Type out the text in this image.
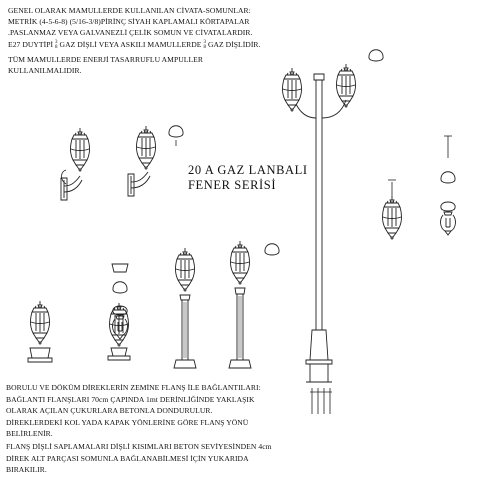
GENEL OLARAK MAMULLERDE KULLANILAN CİVATA-SOMUNLAR:
METRİK (4-5-6-8) (5/16-3/8)PİRİNÇ SİYAH KAPLAMALI KÖRTAPALAR
.PASLANMAZ VEYA GALVANEZLİ ÇELİK SOMUN VE CİVATALARDIR.
E27 DUYTİPİ 3
8 GAZ DİŞLİ VEYA ASKILI MAMULLERDE 3
8 GAZ DİŞLİDİR.
TÜM MAMULLERDE ENERJİ TASARRUFLU AMPULLER
KULLANILMALIDIR.
20 A GAZ LANBALI
FENER SERİSİ
BORULU VE DÖKÜM DİREKLERİN ZEMİNE FLANŞ İLE BAĞLANTILARI:
BAĞLANTI FLANŞLARI 70cm ÇAPINDA 1mt DERİNLİĞİNDE YAKLAŞIK
OLARAK AÇILAN ÇUKURLARA BETONLA DONDURULUR.
DİREKLERDEKİ KOL YADA KAPAK YÖNLERİNE GÖRE FLANŞ YÖNÜ
BELİRLENİR.
FLANŞ DİŞLİ SAPLAMALARI DİŞLİ KISIMLARI BETON SEVİYESİNDEN 4cm
DİREK ALT PARÇASI SOMUNLA BAĞLANABİLMESİ İÇİN YUKARIDA
BIRAKILIR.
